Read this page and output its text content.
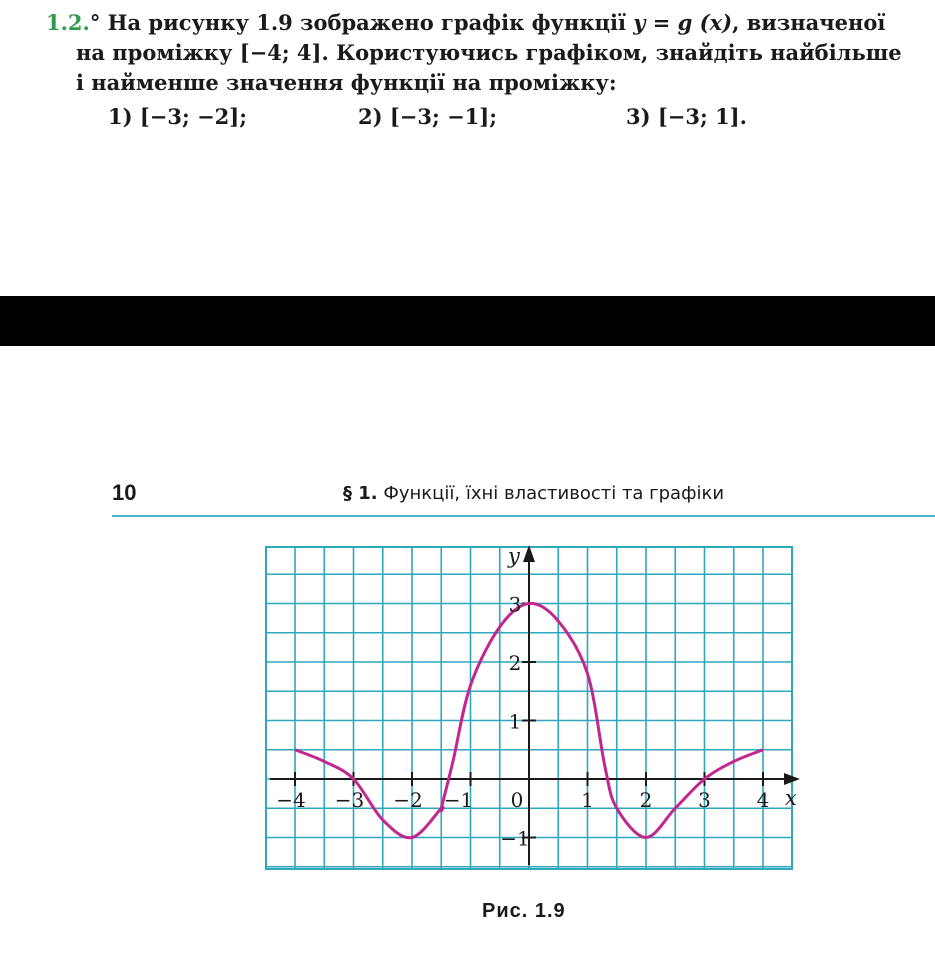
1.2.° На рисунку 1.9 зображено графік функції y = g (x), визначеної
на проміжку [−4; 4]. Користуючись графіком, знайдіть найбільше
і найменше значення функції на проміжку:
1) [−3; −2];	2) [−3; −1];	3) [−3; 1].
10	§ 1. Функції, їхні властивості та графіки
−4 −3 −2 −1 0	1 2 3 4
3
2
1
−1
x
y
Рис. 1.9
